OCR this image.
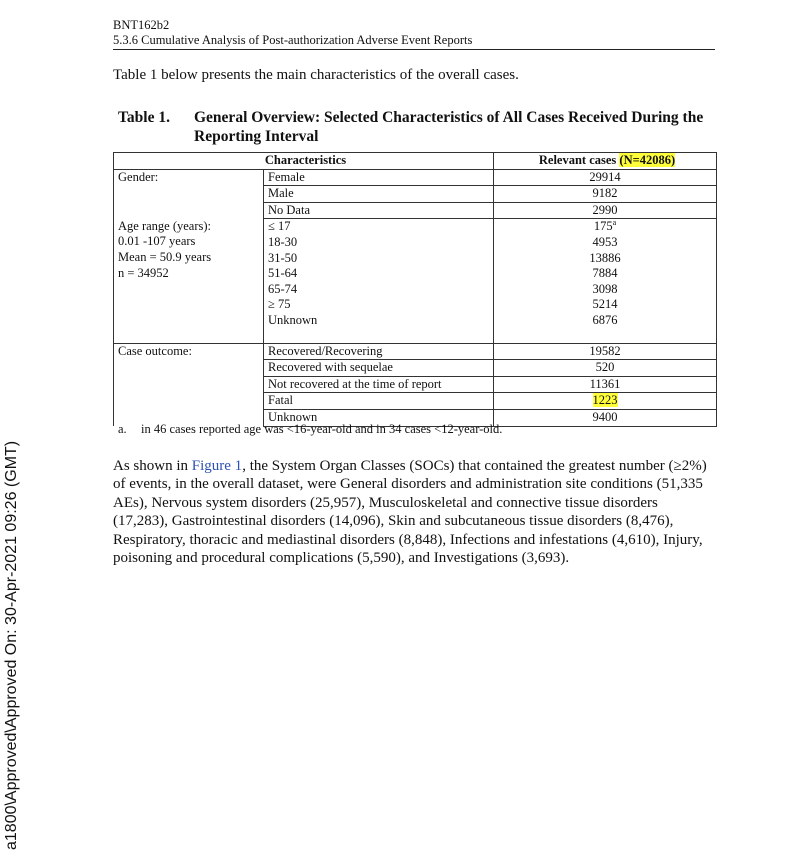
BNT162b2
5.3.6 Cumulative Analysis of Post-authorization Adverse Event Reports
Table 1 below presents the main characteristics of the overall cases.
Table 1. General Overview: Selected Characteristics of All Cases Received During the Reporting Interval
Characteristics		Relevant cases (N=42086)
Gender:	Female	29914
	Male	9182
	No Data	2990

Age range (years):
0.01 -107 years
Mean = 50.9 years
n = 34952	≤ 17	175$^a$
	18-30	4953
	31-50	13886
	51-64	7884
	65-74	3098
	≥ 75	5214
	Unknown	6876

Case outcome:	Recovered/Recovering	19582
	Recovered with sequelae	520
	Not recovered at the time of report	11361
	Fatal	1223
	Unknown	9400
a. in 46 cases reported age was <16-year-old and in 34 cases <12-year-old.
As shown in Figure 1, the System Organ Classes (SOCs) that contained the greatest number (≥2%) of events, in the overall dataset, were General disorders and administration site conditions (51,335 AEs), Nervous system disorders (25,957), Musculoskeletal and connective tissue disorders (17,283), Gastrointestinal disorders (14,096), Skin and subcutaneous tissue disorders (8,476), Respiratory, thoracic and mediastinal disorders (8,848), Infections and infestations (4,610), Injury, poisoning and procedural complications (5,590), and Investigations (3,693).
a1800\Approved\Approved On: 30-Apr-2021 09:26 (GMT)
